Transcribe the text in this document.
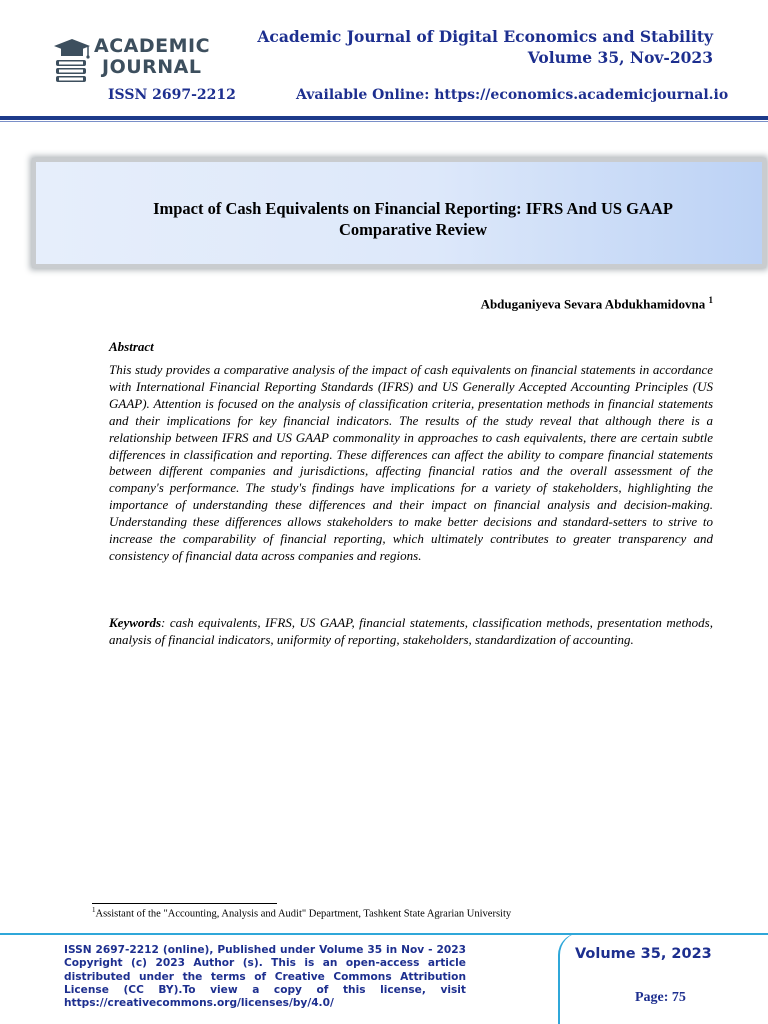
ACADEMIC
JOURNAL
Academic Journal of Digital Economics and Stability
Volume 35, Nov-2023
ISSN 2697-2212	Available Online: https://economics.academicjournal.io
Impact of Cash Equivalents on Financial Reporting: IFRS And US GAAP
Comparative Review
Abduganiyeva Sevara Abdukhamidovna $^1$
Abstract
This study provides a comparative analysis of the impact of cash equivalents on financial statements in accordance with International Financial Reporting Standards (IFRS) and US Generally Accepted Accounting Principles (US GAAP). Attention is focused on the analysis of classification criteria, presentation methods in financial statements and their implications for key financial indicators. The results of the study reveal that although there is a relationship between IFRS and US GAAP commonality in approaches to cash equivalents, there are certain subtle differences in classification and reporting. These differences can affect the ability to compare financial statements between different companies and jurisdictions, affecting financial ratios and the overall assessment of the company's performance. The study's findings have implications for a variety of stakeholders, highlighting the importance of understanding these differences and their impact on financial analysis and decision-making. Understanding these differences allows stakeholders to make better decisions and standard-setters to strive to increase the comparability of financial reporting, which ultimately contributes to greater transparency and consistency of financial data across companies and regions.
Keywords: cash equivalents, IFRS, US GAAP, financial statements, classification methods, presentation methods, analysis of financial indicators, uniformity of reporting, stakeholders, standardization of accounting.
$^1$Assistant of the "Accounting, Analysis and Audit" Department, Tashkent State Agrarian University
ISSN 2697-2212 (online), Published under Volume 35 in Nov - 2023 Copyright (c) 2023 Author (s). This is an open-access article distributed under the terms of Creative Commons Attribution License (CC BY).To view a copy of this license, visit https://creativecommons.org/licenses/by/4.0/
Volume 35, 2023
Page: 75
